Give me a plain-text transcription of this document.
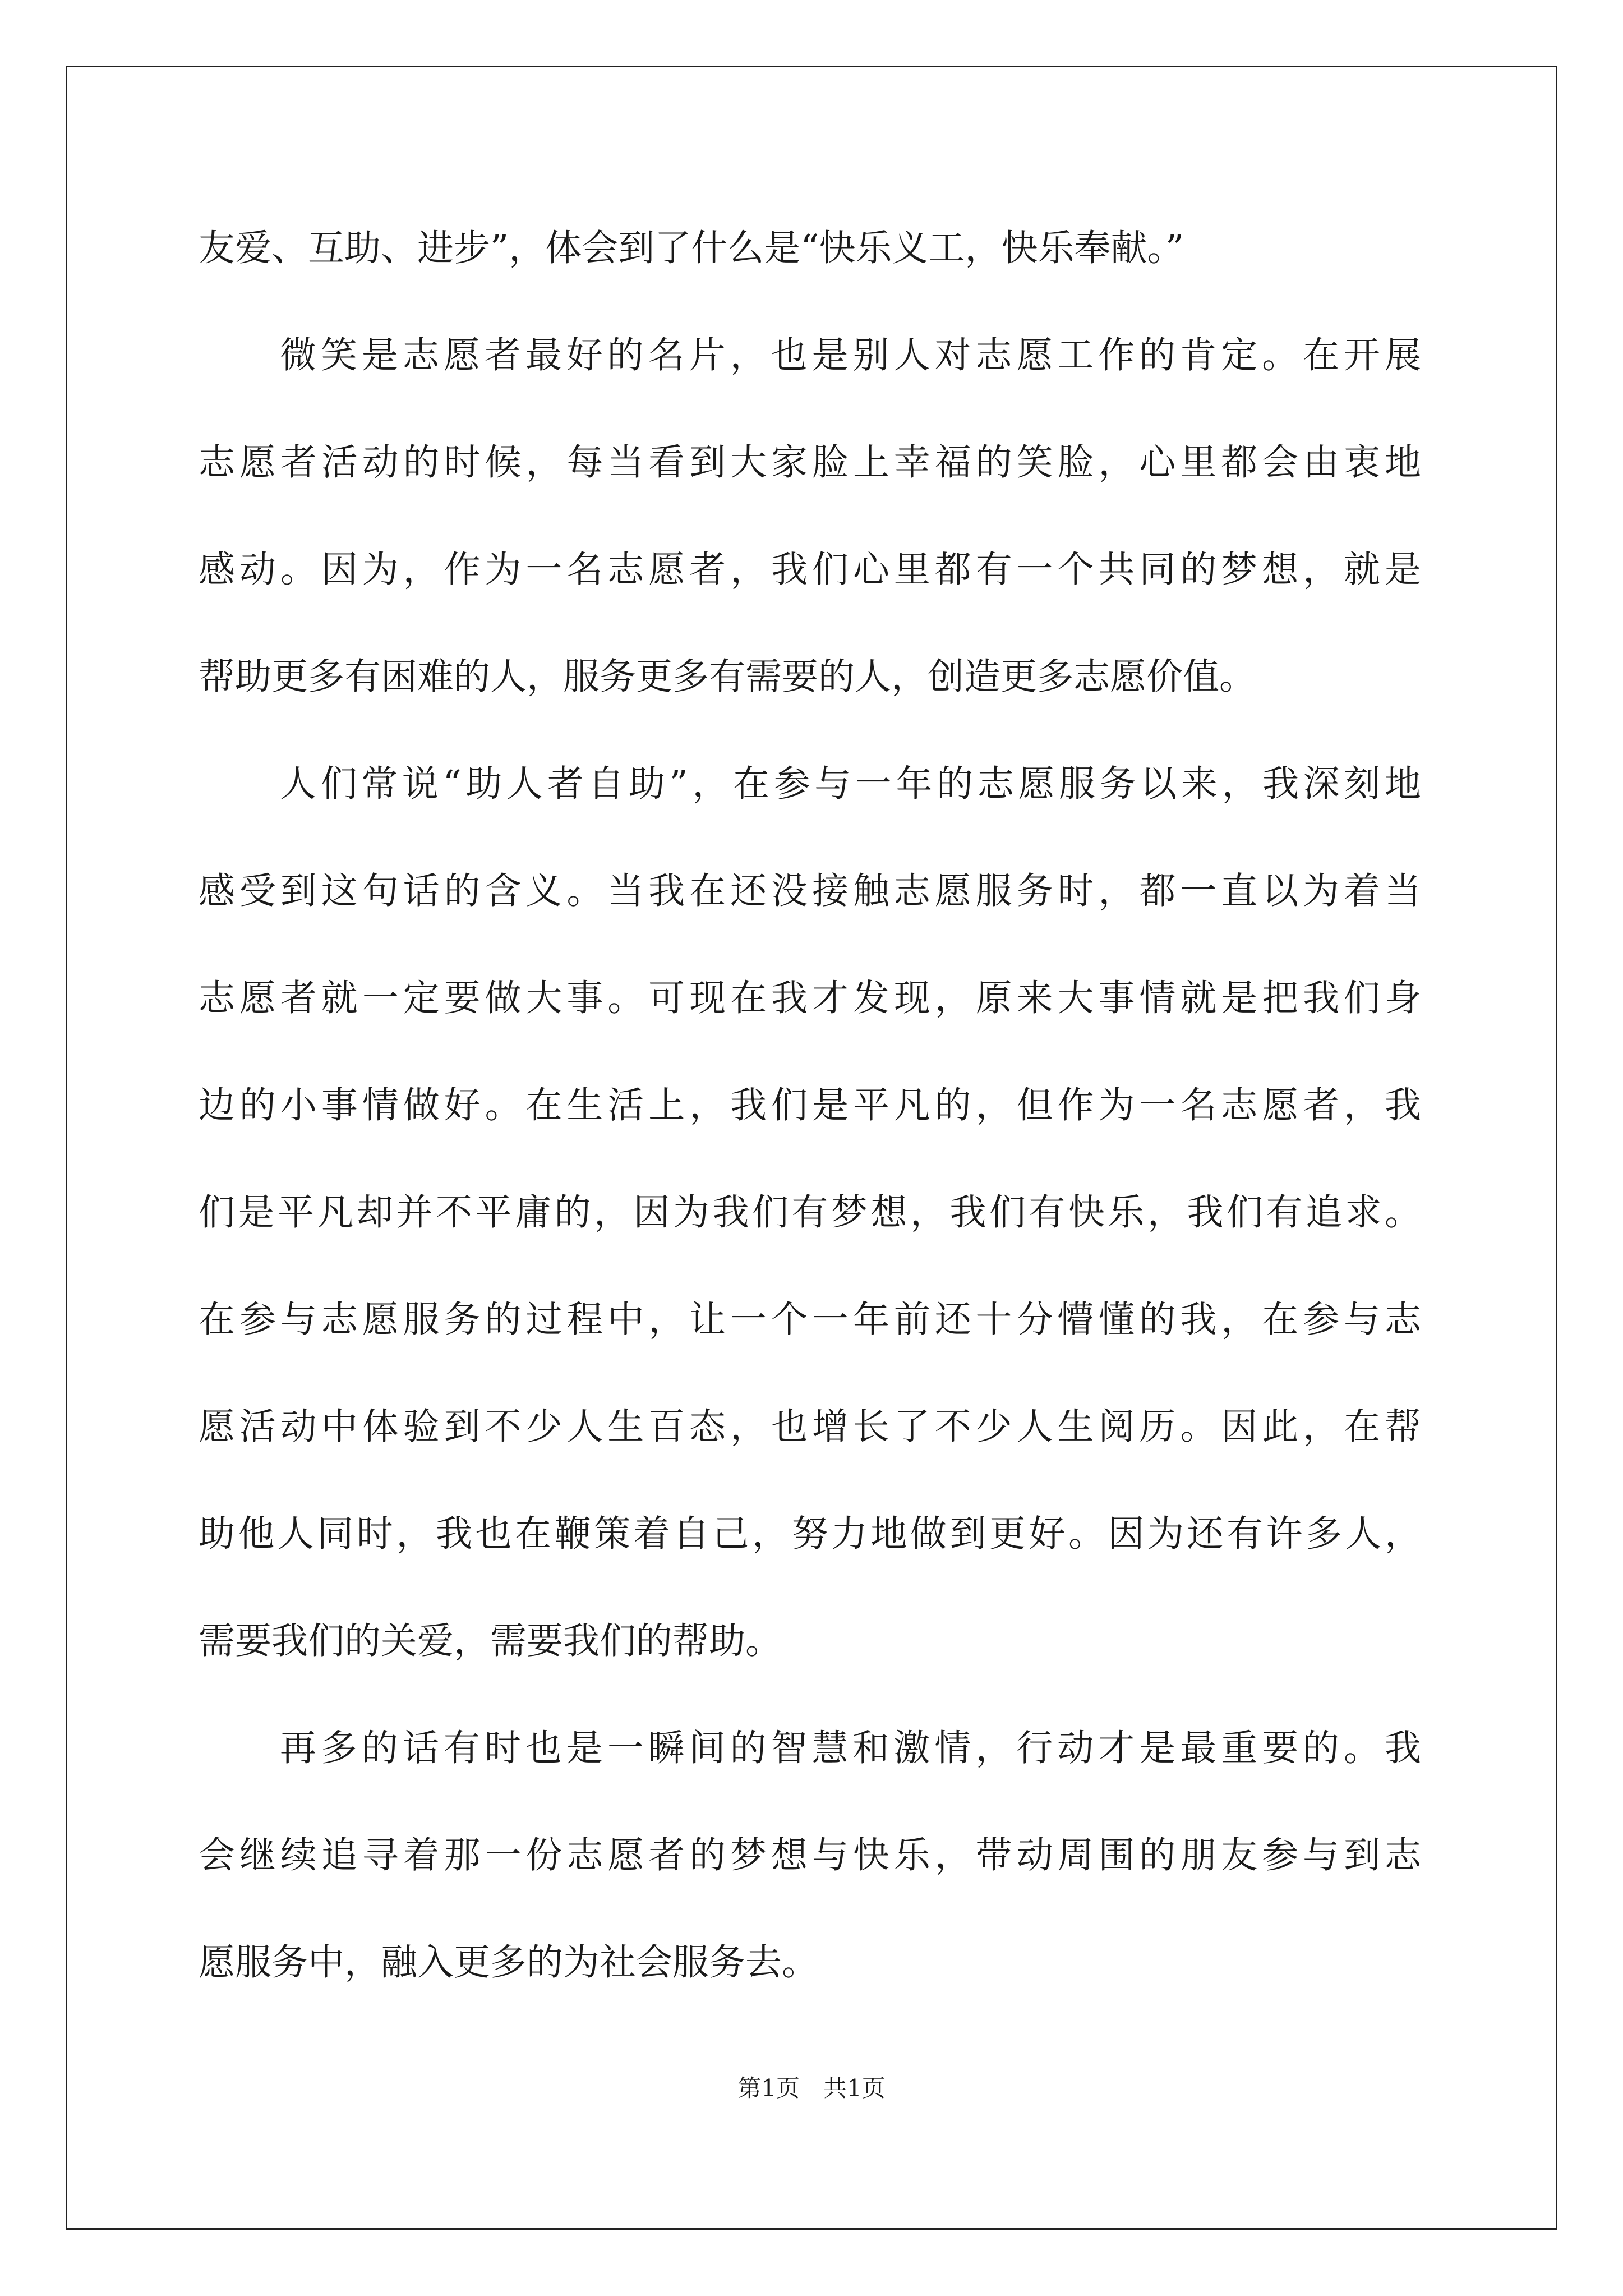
友爱、互助、进步”，体会到了什么是“快乐义工，快乐奉献。”
微笑是志愿者最好的名片，也是别人对志愿工作的肯定。在开展
志愿者活动的时候，每当看到大家脸上幸福的笑脸，心里都会由衷地
感动。因为，作为一名志愿者，我们心里都有一个共同的梦想，就是
帮助更多有困难的人，服务更多有需要的人，创造更多志愿价值。
人们常说“助人者自助”，在参与一年的志愿服务以来，我深刻地
感受到这句话的含义。当我在还没接触志愿服务时，都一直以为着当
志愿者就一定要做大事。可现在我才发现，原来大事情就是把我们身
边的小事情做好。在生活上，我们是平凡的，但作为一名志愿者，我
们是平凡却并不平庸的，因为我们有梦想，我们有快乐，我们有追求。
在参与志愿服务的过程中，让一个一年前还十分懵懂的我，在参与志
愿活动中体验到不少人生百态，也增长了不少人生阅历。因此，在帮
助他人同时，我也在鞭策着自己，努力地做到更好。因为还有许多人，
需要我们的关爱，需要我们的帮助。
再多的话有时也是一瞬间的智慧和激情，行动才是最重要的。我
会继续追寻着那一份志愿者的梦想与快乐，带动周围的朋友参与到志
愿服务中，融入更多的为社会服务去。
第1页　共1页
